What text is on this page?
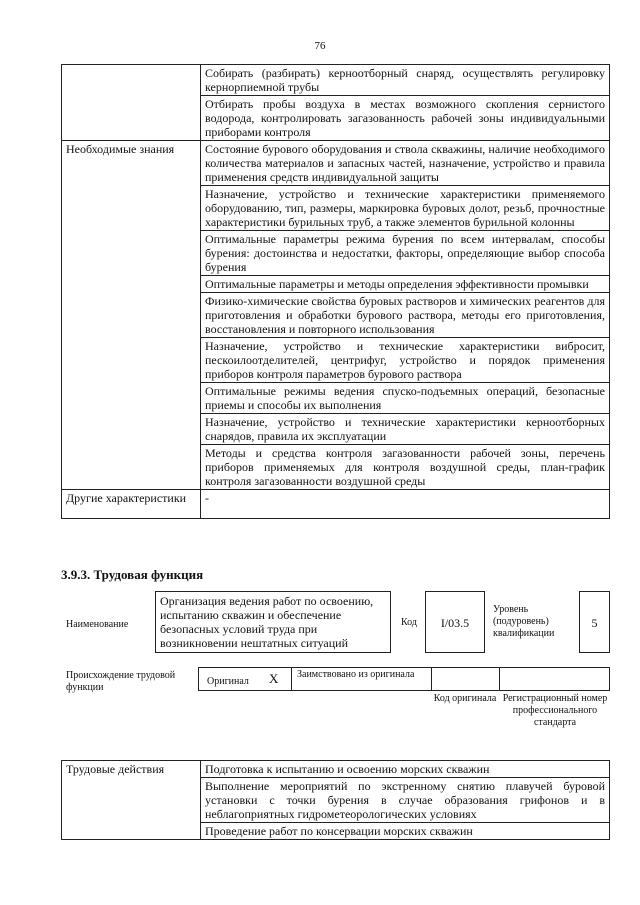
76
	Собирать (разбирать) керноотборный снаряд, осуществлять регулировку кернорпиемной трубы
	Отбирать пробы воздуха в местах возможного скопления сернистого водорода, контролировать загазованность рабочей зоны индивидуальными приборами контроля
Необходимые знания	Состояние бурового оборудования и ствола скважины, наличие необходимого количества материалов и запасных частей, назначение, устройство и правила применения средств индивидуальной защиты
	Назначение, устройство и технические характеристики применяемого оборудованию, тип, размеры, маркировка буровых долот, резьб, прочностные характеристики бурильных труб, а также элементов бурильной колонны
	Оптимальные параметры режима бурения по всем интервалам, способы бурения: достоинства и недостатки, факторы, определяющие выбор способа бурения
	Оптимальные параметры и методы определения эффективности промывки
	Физико-химические свойства буровых растворов и химических реагентов для приготовления и обработки бурового раствора, методы его приготовления, восстановления и повторного использования
	Назначение, устройство и технические характеристики вибросит, пескоилоотделителей, центрифуг, устройство и порядок применения приборов контроля параметров бурового раствора
	Оптимальные режимы ведения спуско-подъемных операций, безопасные приемы и способы их выполнения
	Назначение, устройство и технические характеристики керноотборных снарядов, правила их эксплуатации
	Методы и средства контроля загазованности рабочей зоны, перечень приборов применяемых для контроля воздушной среды, план-график контроля загазованности воздушной среды
Другие характеристики	-
3.9.3. Трудовая функция
Наименование
Организация ведения работ по освоению, испытанию скважин и обеспечение безопасных условий труда при возникновении нештатных ситуаций
Код	I/03.5
Уровень (подуровень) квалификации
5
Происхождение трудовой функции
Оригинал X Заимствовано из оригинала
Код оригинала Регистрационный номер профессионального стандарта
Трудовые действия	Подготовка к испытанию и освоению морских скважин
Выполнение мероприятий по экстренному снятию плавучей буровой установки с точки бурения в случае образования грифонов и в неблагоприятных гидрометеорологических условиях
Проведение работ по консервации морских скважин
